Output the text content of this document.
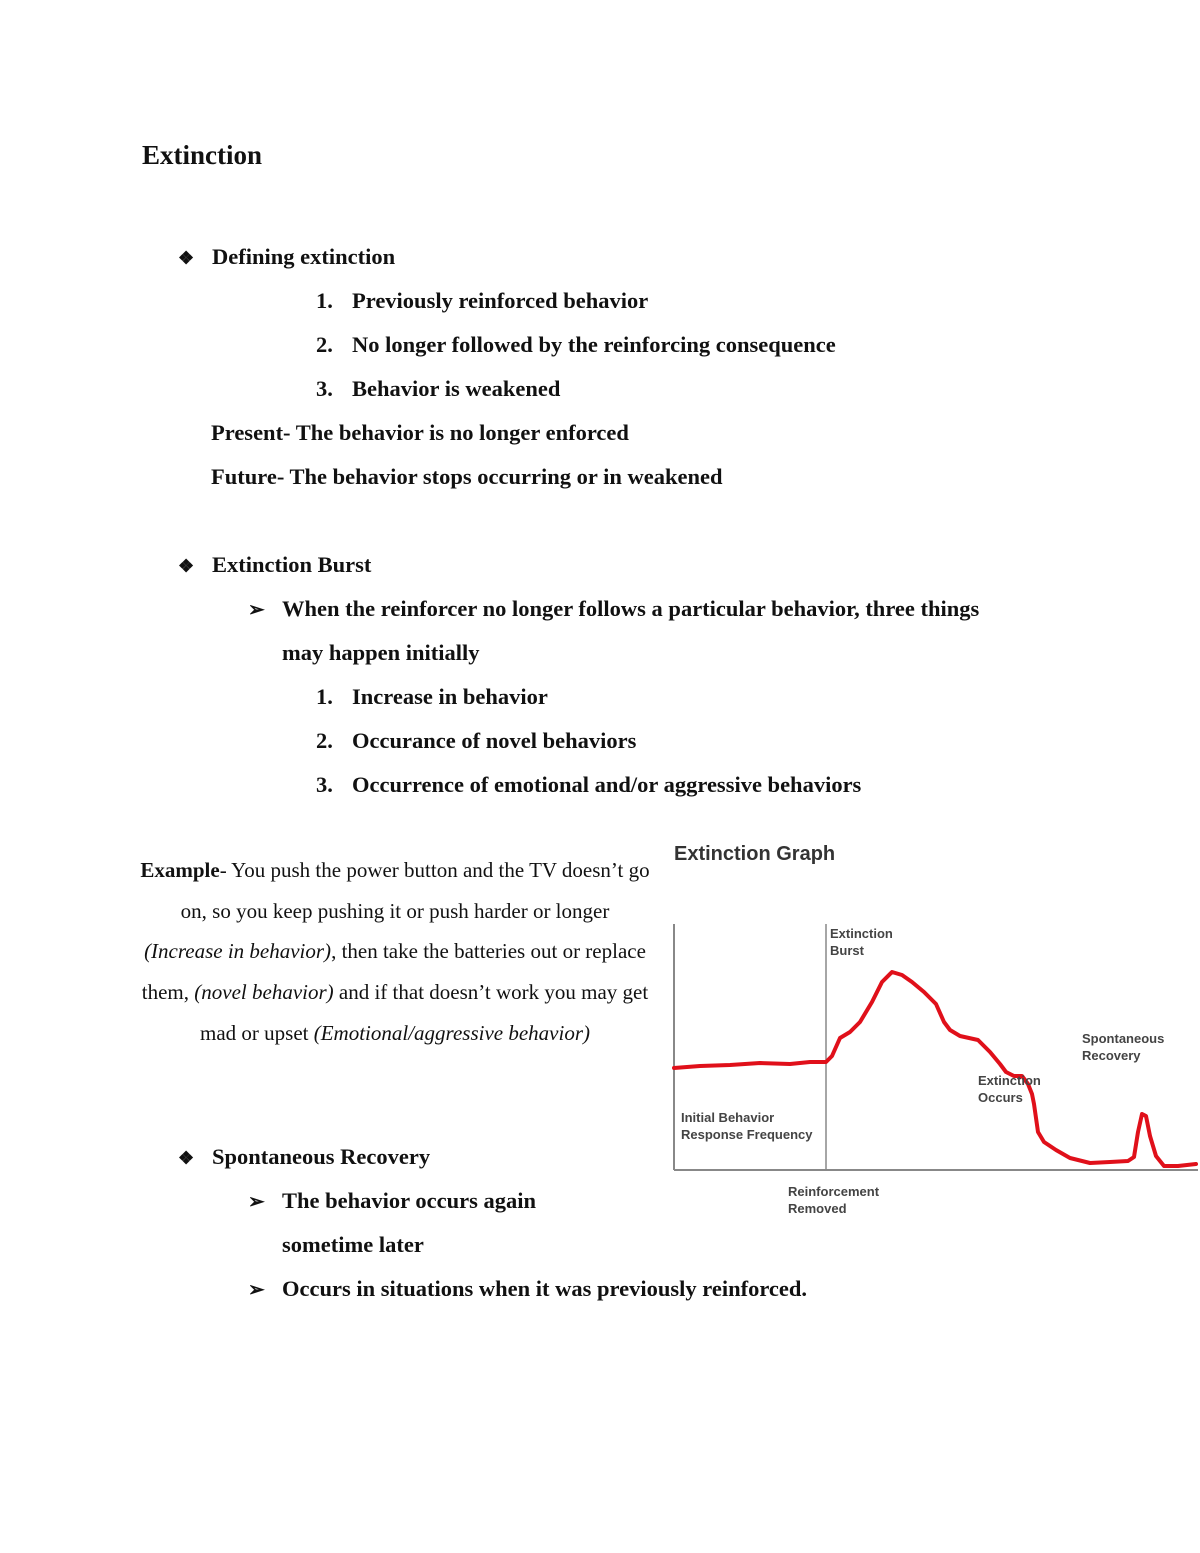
Extinction
❖ Defining extinction
1. Previously reinforced behavior
2. No longer followed by the reinforcing consequence
3. Behavior is weakened
Present- The behavior is no longer enforced
Future- The behavior stops occurring or in weakened
❖ Extinction Burst
➢ When the reinforcer no longer follows a particular behavior, three things
may happen initially
1. Increase in behavior
2. Occurance of novel behaviors
3. Occurrence of emotional and/or aggressive behaviors
Example- You push the power button and the TV doesn’t go on, so you keep pushing it or push harder or longer (Increase in behavior), then take the batteries out or replace them, (novel behavior) and if that doesn’t work you may get mad or upset (Emotional/aggressive behavior)
Extinction Graph
Extinction
Burst
Initial Behavior
Response Frequency
Extinction
Occurs
Spontaneous
Recovery
Reinforcement
Removed
❖ Spontaneous Recovery
➢ The behavior occurs again
sometime later
➢ Occurs in situations when it was previously reinforced.
